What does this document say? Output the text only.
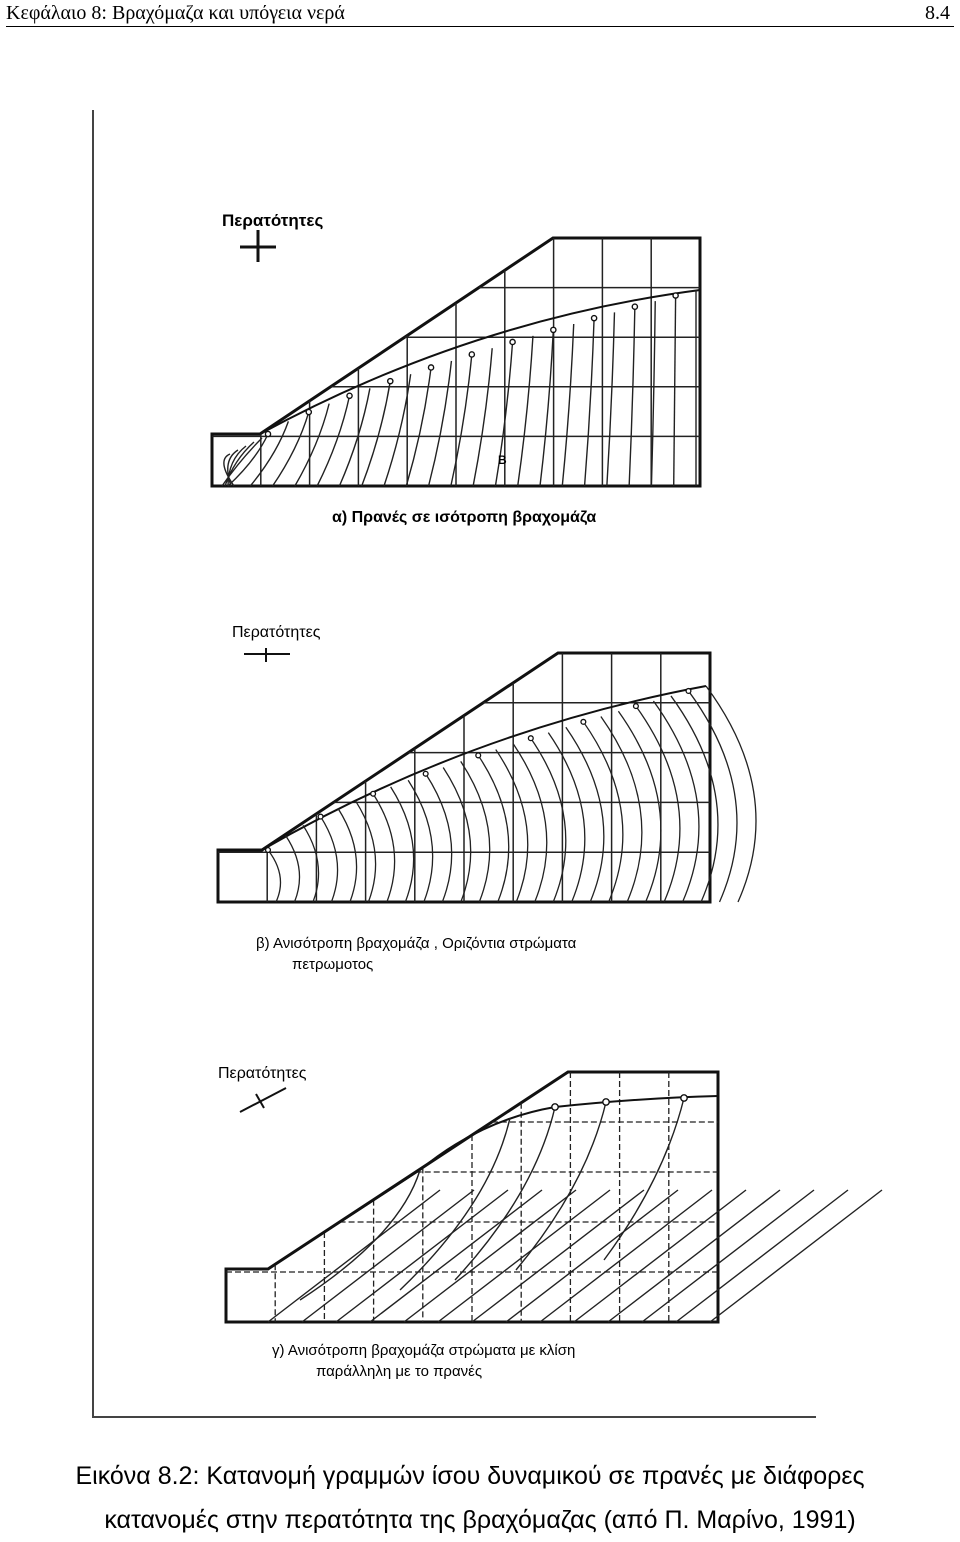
Κεφάλαιο 8: Βραχόμαζα και υπόγεια νερά	8.4
Περατότητες
B
α) Πρανές σε ισότροπη βραχομάζα
Περατότητες
β) Ανισότροπη βραχομάζα , Οριζόντια στρώματα
πετρωμοτος
Περατότητες
γ) Ανισότροπη βραχομάζα στρώματα με κλίση
παράλληλη με το πρανές
Εικόνα 8.2: Κατανομή γραμμών ίσου δυναμικού σε πρανές με διάφορες
κατανομές στην περατότητα της βραχόμαζας (από Π. Μαρίνο, 1991)
